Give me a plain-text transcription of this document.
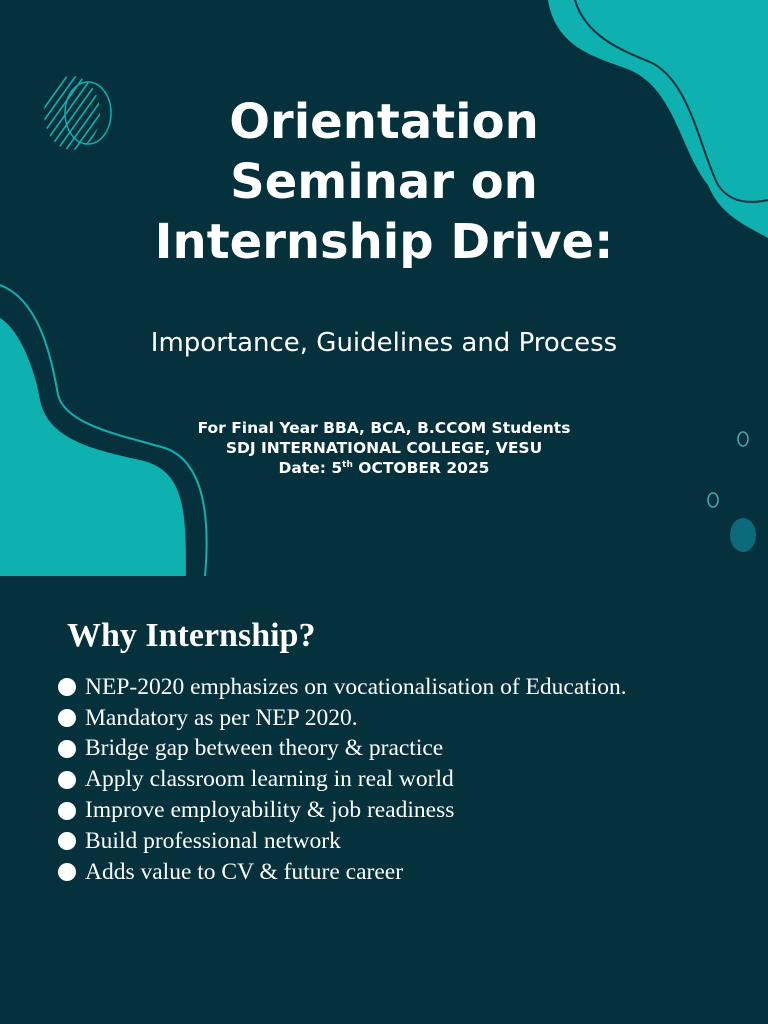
Orientation
Seminar on
Internship Drive:
Importance, Guidelines and Process
For Final Year BBA, BCA, B.CCOM Students
SDJ INTERNATIONAL COLLEGE, VESU
Date: 5th OCTOBER 2025
Why Internship?
NEP-2020 emphasizes on vocationalisation of Education.
Mandatory as per NEP 2020.
Bridge gap between theory & practice
Apply classroom learning in real world
Improve employability & job readiness
Build professional network
Adds value to CV & future career
